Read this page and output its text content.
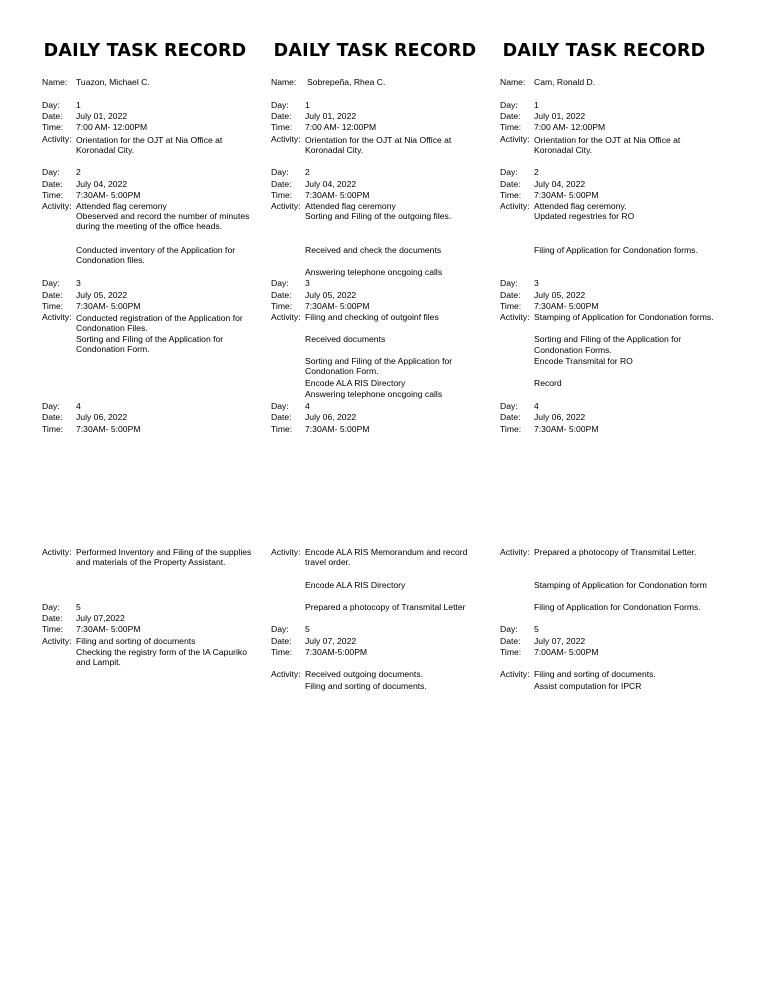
DAILY TASK RECORD
Name: Tuazon, Michael C.
Day: 1
Date: July 01, 2022
Time: 7:00 AM- 12:00PM
Activity: Orientation for the OJT at Nia Office at
Koronadal City.
Day: 2
Date: July 04, 2022
Time: 7:30AM- 5:00PM
Activity: Attended flag ceremony
Obeserved and record the number of minutes
during the meeting of the office heads.
Conducted inventory of the Application for
Condonation files.
Day: 3
Date: July 05, 2022
Time: 7:30AM- 5:00PM
Activity: Conducted registration of the Application for
Condonation Files.
Sorting and Filing of the Application for
Condonation Form.
Day: 4
Date: July 06, 2022
Time: 7:30AM- 5:00PM
Activity: Performed Inventory and Filing of the supplies
and materials of the Property Assistant.
Day: 5
Date: July 07,2022
Time: 7:30AM- 5:00PM
Activity: Filing and sorting of documents
Checking the registry form of the IA Capuriko
and Lampit.
DAILY TASK RECORD
Name: Sobrepeña, Rhea C.
Day: 1
Date: July 01, 2022
Time: 7:00 AM- 12:00PM
Activity: Orientation for the OJT at Nia Office at
Koronadal City.
Day: 2
Date: July 04, 2022
Time: 7:30AM- 5:00PM
Activity: Attended flag ceremony
Sorting and Filing of the outgoing files.
Received and check the documents
Answering telephone oncgoing calls
Day: 3
Date: July 05, 2022
Time: 7:30AM- 5:00PM
Activity: Filing and checking of outgoinf files
Received documents
Sorting and Filing of the Application for
Condonation Form.
Encode ALA RIS Directory
Answering telephone oncgoing calls
Day: 4
Date: July 06, 2022
Time: 7:30AM- 5:00PM
Activity: Encode ALA RIS Memorandum and record
travel order.
Encode ALA RIS Directory
Prepared a photocopy of Transmital Letter
Day: 5
Date: July 07, 2022
Time: 7:30AM-5:00PM
Activity: Received outgoing documents.
Filing and sorting of documents.
DAILY TASK RECORD
Name: Cam, Ronald D.
Day: 1
Date: July 01, 2022
Time: 7:00 AM- 12:00PM
Activity: Orientation for the OJT at Nia Office at
Koronadal City.
Day: 2
Date: July 04, 2022
Time: 7:30AM- 5:00PM
Activity: Attended flag ceremony.
Updated regestries for RO
Filing of Application for Condonation forms.
Day: 3
Date: July 05, 2022
Time: 7:30AM- 5:00PM
Activity: Stamping of Application for Condonation forms.
Sorting and Filing of the Application for
Condonation Forms.
Encode Transmital for RO
Record
Day: 4
Date: July 06, 2022
Time: 7:30AM- 5:00PM
Activity: Prepared a photocopy of Transmital Letter.
Stamping of Application for Condonation form
Filing of Application for Condonation Forms.
Day: 5
Date: July 07, 2022
Time: 7:00AM- 5:00PM
Activity: Filing and sorting of documents.
Assist computation for IPCR
